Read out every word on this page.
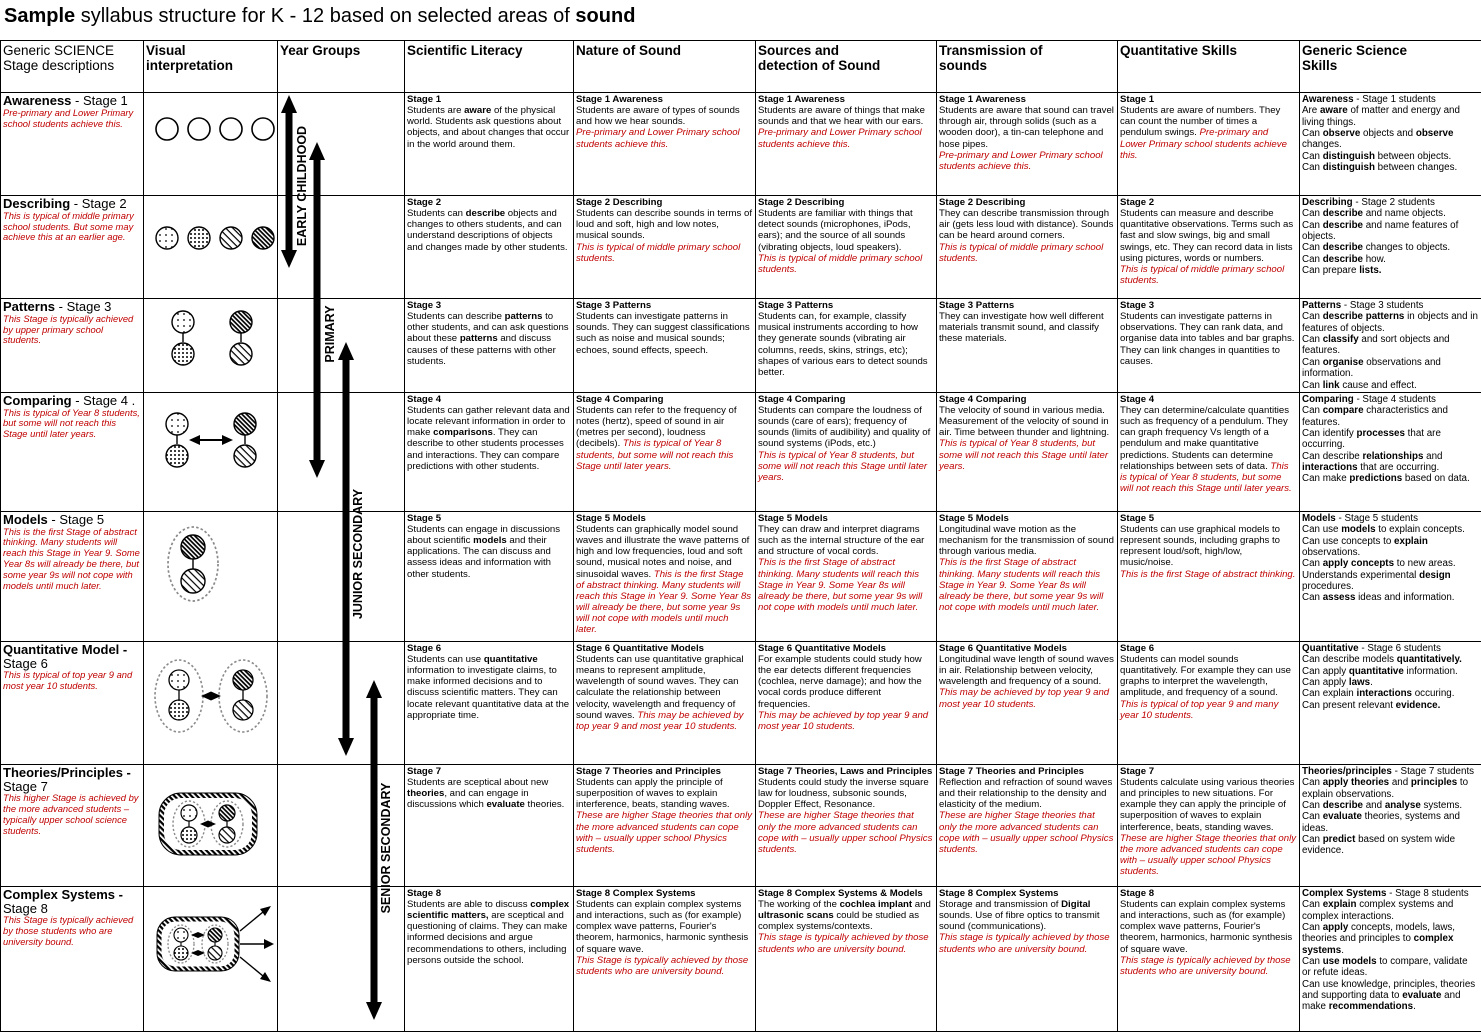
Sample syllabus structure for K - 12 based on selected areas of sound
Generic SCIENCE
Stage descriptions	Visual
interpretation	Year Groups	Scientific Literacy	Nature of Sound	Sources and
detection of Sound	Transmission of
sounds	Quantitative Skills	Generic Science
Skills

Awareness - Stage 1
Pre-primary and Lower Primary school students achieve this.

		Stage 1
Students are aware of the physical world. Students ask questions about objects, and about changes that occur in the world around them.	Stage 1 Awareness
Students are aware of types of sounds and how we hear sounds.
Pre-primary and Lower Primary school students achieve this.	Stage 1 Awareness
Students are aware of things that make sounds and that we hear with our ears.
Pre-primary and Lower Primary school students achieve this.	Stage 1 Awareness
Students are aware that sound can travel through air, through solids (such as a wooden door), a tin-can telephone and hose pipes.
Pre-primary and Lower Primary school students achieve this.	Stage 1
Students are aware of numbers. They can count the number of times a pendulum swings. Pre-primary and Lower Primary school students achieve this.	Awareness - Stage 1 students
Are aware of matter and energy and living things.
Can observe objects and observe changes.
Can distinguish between objects.
Can distinguish between changes.

Describing - Stage 2
This is typical of middle primary school students. But some may achieve this at an earlier age.

		Stage 2
Students can describe objects and changes to others students, and can understand descriptions of objects and changes made by other students.	Stage 2 Describing
Students can describe sounds in terms of loud and soft, high and low notes, musical sounds.
This is typical of middle primary school students.	Stage 2 Describing
Students are familiar with things that detect sounds (microphones, iPods, ears); and the source of all sounds (vibrating objects, loud speakers).
This is typical of middle primary school students.	Stage 2 Describing
They can describe transmission through air (gets less loud with distance). Sounds can be heard around corners.
This is typical of middle primary school students.	Stage 2
Students can measure and describe quantitative observations. Terms such as fast and slow swings, big and small swings, etc. They can record data in lists using pictures, words or numbers.
This is typical of middle primary school students.	Describing - Stage 2 students
Can describe and name objects.
Can describe and name features of objects.
Can describe changes to objects.
Can describe how.
Can prepare lists.

Patterns - Stage 3
This Stage is typically achieved by upper primary school students.

		Stage 3
Students can describe patterns to other students, and can ask questions about these patterns and discuss causes of these patterns with other students.	Stage 3 Patterns
Students can investigate patterns in sounds. They can suggest classifications such as noise and musical sounds; echoes, sound effects, speech.	Stage 3 Patterns
Students can, for example, classify musical instruments according to how they generate sounds (vibrating air columns, reeds, skins, strings, etc); shapes of various ears to detect sounds better.	Stage 3 Patterns
They can investigate how well different materials transmit sound, and classify these materials.	Stage 3
Students can investigate patterns in observations. They can rank data, and organise data into tables and bar graphs. They can link changes in quantities to causes.	Patterns - Stage 3 students
Can describe patterns in objects and in features of objects.
Can classify and sort objects and features.
Can organise observations and information.
Can link cause and effect.

Comparing - Stage 4 .
This is typical of Year 8 students, but some will not reach this Stage until later years.

		Stage 4
Students can gather relevant data and locate relevant information in order to make comparisons. They can describe to other students processes and interactions. They can compare predictions with other students.	Stage 4 Comparing
Students can refer to the frequency of notes (hertz), speed of sound in air (metres per second), loudness (decibels). This is typical of Year 8 students, but some will not reach this Stage until later years.	Stage 4 Comparing
Students can compare the loudness of sounds (care of ears); frequency of sounds (limits of audibility) and quality of sound systems (iPods, etc.)
This is typical of Year 8 students, but some will not reach this Stage until later years.	Stage 4 Comparing
The velocity of sound in various media. Measurement of the velocity of sound in air. Time between thunder and lightning.
This is typical of Year 8 students, but some will not reach this Stage until later years.	Stage 4
They can determine/calculate quantities such as frequency of a pendulum. They can graph frequency Vs length of a pendulum and make quantitative predictions. Students can determine relationships between sets of data. This is typical of Year 8 students, but some will not reach this Stage until later years.	Comparing - Stage 4 students
Can compare characteristics and features.
Can identify processes that are occurring.
Can describe relationships and interactions that are occurring.
Can make predictions based on data.

Models - Stage 5
This is the first Stage of abstract thinking. Many students will reach this Stage in Year 9. Some Year 8s will already be there, but some year 9s will not cope with models until much later.

		Stage 5
Students can engage in discussions about scientific models and their applications. The can discuss and assess ideas and information with other students.	Stage 5 Models
Students can graphically model sound waves and illustrate the wave patterns of high and low frequencies, loud and soft sound, musical notes and noise, and sinusoidal waves. This is the first Stage of abstract thinking. Many students will reach this Stage in Year 9. Some Year 8s will already be there, but some year 9s will not cope with models until much later.	Stage 5 Models
They can draw and interpret diagrams such as the internal structure of the ear and structure of vocal cords.
This is the first Stage of abstract thinking. Many students will reach this Stage in Year 9. Some Year 8s will already be there, but some year 9s will not cope with models until much later.	Stage 5 Models
Longitudinal wave motion as the mechanism for the transmission of sound through various media.
This is the first Stage of abstract thinking. Many students will reach this Stage in Year 9. Some Year 8s will already be there, but some year 9s will not cope with models until much later.	Stage 5
Students can use graphical models to represent sounds, including graphs to represent loud/soft, high/low, music/noise.
This is the first Stage of abstract thinking.	Models - Stage 5 students
Can use models to explain concepts.
Can use concepts to explain observations.
Can apply concepts to new areas.
Understands experimental design procedures.
Can assess ideas and information.

Quantitative Model - Stage 6
This is typical of top year 9 and most year 10 students.

		Stage 6
Students can use quantitative information to investigate claims, to make informed decisions and to discuss scientific matters. They can locate relevant quantitative data at the appropriate time.	Stage 6 Quantitative Models
Students can use quantitative graphical means to represent amplitude, wavelength of sound waves. They can calculate the relationship between velocity, wavelength and frequency of sound waves. This may be achieved by top year 9 and most year 10 students.	Stage 6 Quantitative Models
For example students could study how the ear detects different frequencies (cochlea, nerve damage); and how the vocal cords produce different frequencies.
This may be achieved by top year 9 and most year 10 students.	Stage 6 Quantitative Models
Longitudinal wave length of sound waves in air. Relationship between velocity, wavelength and frequency of a sound.
This may be achieved by top year 9 and most year 10 students.	Stage 6
Students can model sounds quantitatively. For example they can use graphs to interpret the wavelength, amplitude, and frequency of a sound. This is typical of top year 9 and many year 10 students.	Quantitative - Stage 6 students
Can describe models quantitatively.
Can apply quantitative information.
Can apply laws.
Can explain interactions occuring.
Can present relevant evidence.

Theories/Principles - Stage 7
This higher Stage is achieved by the more advanced students – typically upper school science students.

		Stage 7
Students are sceptical about new theories, and can engage in discussions which evaluate theories.	Stage 7 Theories and Principles
Students can apply the principle of superposition of waves to explain interference, beats, standing waves.
These are higher Stage theories that only the more advanced students can cope with – usually upper school Physics students.	Stage 7 Theories, Laws and Principles
Students could study the inverse square law for loudness, subsonic sounds, Doppler Effect, Resonance.
These are higher Stage theories that only the more advanced students can cope with – usually upper school Physics students.	Stage 7 Theories and Principles
Reflection and refraction of sound waves and their relationship to the density and elasticity of the medium.
These are higher Stage theories that only the more advanced students can cope with – usually upper school Physics students.	Stage 7
Students calculate using various theories and principles to new situations. For example they can apply the principle of superposition of waves to explain interference, beats, standing waves.
These are higher Stage theories that only the more advanced students can cope with – usually upper school Physics students.	Theories/principles - Stage 7 students
Can apply theories and principles to explain observations.
Can describe and analyse systems.
Can evaluate theories, systems and ideas.
Can predict based on system wide evidence.

Complex Systems - Stage 8
This Stage is typically achieved by those students who are university bound.

		Stage 8
Students are able to discuss complex scientific matters, are sceptical and questioning of claims. They can make informed decisions and argue recommendations to others, including persons outside the school.	Stage 8 Complex Systems
Students can explain complex systems and interactions, such as (for example) complex wave patterns, Fourier's theorem, harmonics, harmonic synthesis of square wave.
This Stage is typically achieved by those students who are university bound.	Stage 8 Complex Systems & Models
The working of the cochlea implant and ultrasonic scans could be studied as complex systems/contexts.
This stage is typically achieved by those students who are university bound.	Stage 8 Complex Systems
Storage and transmission of Digital sounds. Use of fibre optics to transmit sound (communications).
This stage is typically achieved by those students who are university bound.	Stage 8
Students can explain complex systems and interactions, such as (for example) complex wave patterns, Fourier's theorem, harmonics, harmonic synthesis of square wave.
This stage is typically achieved by those students who are university bound.	Complex Systems - Stage 8 students
Can explain complex systems and complex interactions.
Can apply concepts, models, laws, theories and principles to complex systems.
Can use models to compare, validate or refute ideas.
Can use knowledge, principles, theories and supporting data to evaluate and make recommendations.
EARLY CHILDHOOD
PRIMARY
JUNIOR SECONDARY
SENIOR SECONDARY
